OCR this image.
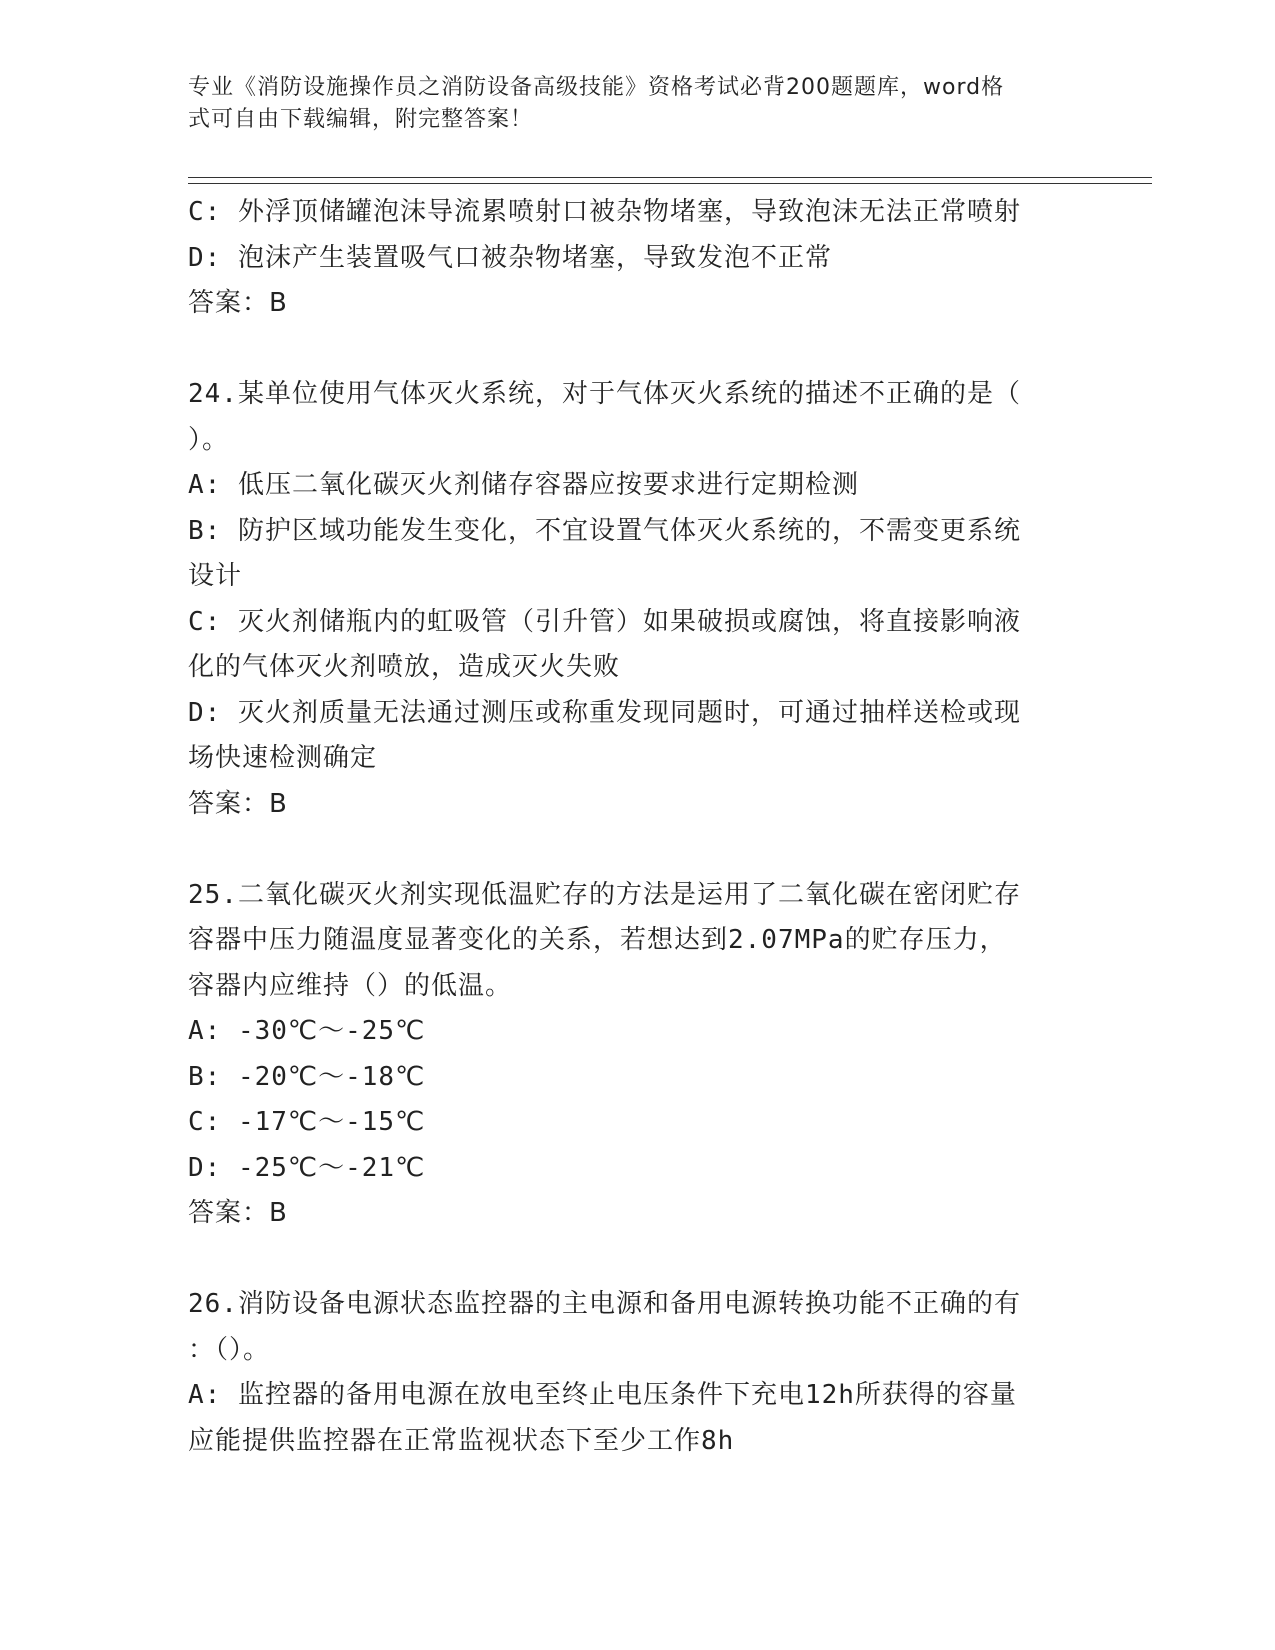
专业《消防设施操作员之消防设备高级技能》资格考试必背200题题库，word格
式可自由下载编辑，附完整答案！
C: 外浮顶储罐泡沫导流累喷射口被杂物堵塞，导致泡沫无法正常喷射
D: 泡沫产生装置吸气口被杂物堵塞，导致发泡不正常
答案：B
24.某单位使用气体灭火系统，对于气体灭火系统的描述不正确的是（
）。
A: 低压二氧化碳灭火剂储存容器应按要求进行定期检测
B: 防护区域功能发生变化，不宜设置气体灭火系统的，不需变更系统
设计
C: 灭火剂储瓶内的虹吸管（引升管）如果破损或腐蚀，将直接影响液
化的气体灭火剂喷放，造成灭火失败
D: 灭火剂质量无法通过测压或称重发现同题时，可通过抽样送检或现
场快速检测确定
答案：B
25.二氧化碳灭火剂实现低温贮存的方法是运用了二氧化碳在密闭贮存
容器中压力随温度显著变化的关系，若想达到2.07MPa的贮存压力，
容器内应维持（）的低温。
A: -30℃～-25℃
B: -20℃～-18℃
C: -17℃～-15℃
D: -25℃～-21℃
答案：B
26.消防设备电源状态监控器的主电源和备用电源转换功能不正确的有
：（）。
A: 监控器的备用电源在放电至终止电压条件下充电12h所获得的容量
应能提供监控器在正常监视状态下至少工作8h
